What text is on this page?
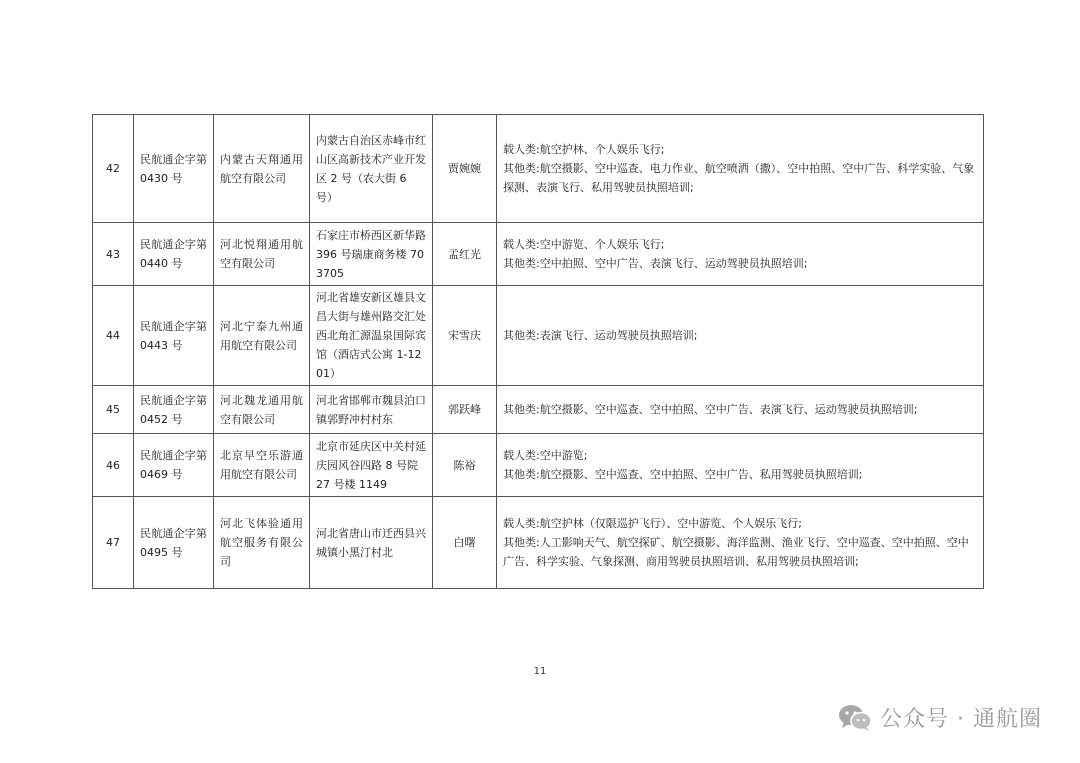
42	民航通企字第 0430 号	内蒙古天翔通用航空有限公司	内蒙古自治区赤峰市红山区高新技术产业开发区 2 号（农大街 6 号）	贾婉婉	载人类:航空护林、个人娱乐飞行;
其他类:航空摄影、空中巡查、电力作业、航空喷洒（撒）、空中拍照、空中广告、科学实验、气象探测、表演飞行、私用驾驶员执照培训;

43	民航通企字第 0440 号	河北悦翔通用航空有限公司	石家庄市桥西区新华路 396 号瑞康商务楼 703705	孟红光	载人类:空中游览、个人娱乐飞行;
其他类:空中拍照、空中广告、表演飞行、运动驾驶员执照培训;

44	民航通企字第 0443 号	河北宁泰九州通用航空有限公司	河北省雄安新区雄县文昌大街与雄州路交汇处西北角汇源温泉国际宾馆（酒店式公寓 1-1201）	宋雪庆	其他类:表演飞行、运动驾驶员执照培训;

45	民航通企字第 0452 号	河北魏龙通用航空有限公司	河北省邯郸市魏县泊口镇郭野冲村村东	郭跃峰	其他类:航空摄影、空中巡查、空中拍照、空中广告、表演飞行、运动驾驶员执照培训;

46	民航通企字第 0469 号	北京早空乐游通用航空有限公司	北京市延庆区中关村延庆园风谷四路 8 号院 27 号楼 1149	陈裕	载人类:空中游览;
其他类:航空摄影、空中巡查、空中拍照、空中广告、私用驾驶员执照培训;

47	民航通企字第 0495 号	河北飞体验通用航空服务有限公司	河北省唐山市迁西县兴城镇小黑汀村北	白曙	载人类:航空护林（仅限巡护飞行）、空中游览、个人娱乐飞行;
其他类:人工影响天气、航空探矿、航空摄影、海洋监测、渔业飞行、空中巡查、空中拍照、空中广告、科学实验、气象探测、商用驾驶员执照培训、私用驾驶员执照培训;
11
公众号 · 通航圈
